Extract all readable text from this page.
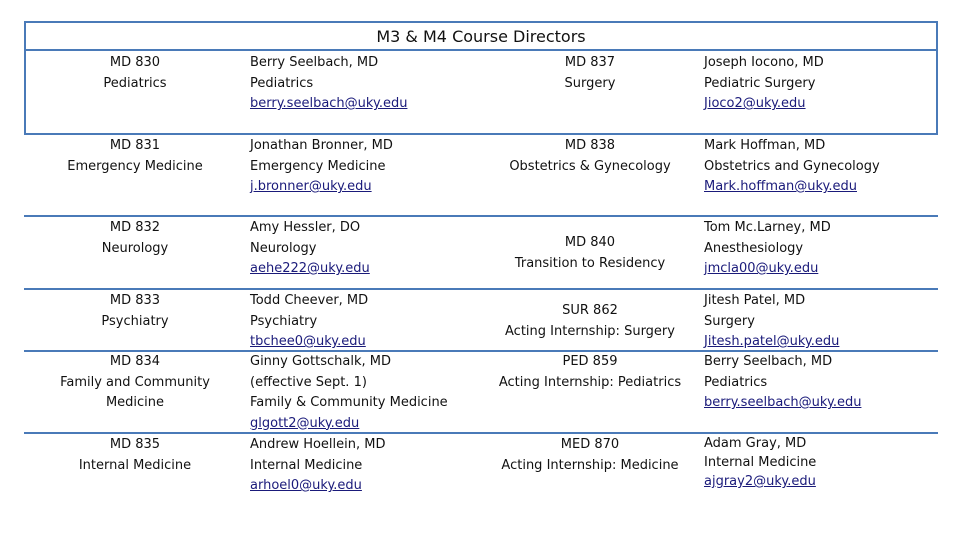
M3 & M4 Course Directors
MD 830
Pediatrics
MD 831
Emergency Medicine
MD 832
Neurology
MD 833
Psychiatry
MD 834
Family and Community
Medicine
MD 835
Internal Medicine
Berry Seelbach, MD
Pediatrics
berry.seelbach@uky.edu
Jonathan Bronner, MD
Emergency Medicine
j.bronner@uky.edu
Amy Hessler, DO
Neurology
aehe222@uky.edu
Todd Cheever, MD
Psychiatry
tbchee0@uky.edu
Ginny Gottschalk, MD
(effective Sept. 1)
Family & Community Medicine
glgott2@uky.edu
Andrew Hoellein, MD
Internal Medicine
arhoel0@uky.edu
MD 837
Surgery
MD 838
Obstetrics & Gynecology
MD 840
Transition to Residency
SUR 862
Acting Internship: Surgery
PED 859
Acting Internship: Pediatrics
MED 870
Acting Internship: Medicine
Joseph Iocono, MD
Pediatric Surgery
Jioco2@uky.edu
Mark Hoffman, MD
Obstetrics and Gynecology
Mark.hoffman@uky.edu
Tom Mc.Larney, MD
Anesthesiology
jmcla00@uky.edu
Jitesh Patel, MD
Surgery
Jitesh.patel@uky.edu
Berry Seelbach, MD
Pediatrics
berry.seelbach@uky.edu
Adam Gray, MD
Internal Medicine
ajgray2@uky.edu
